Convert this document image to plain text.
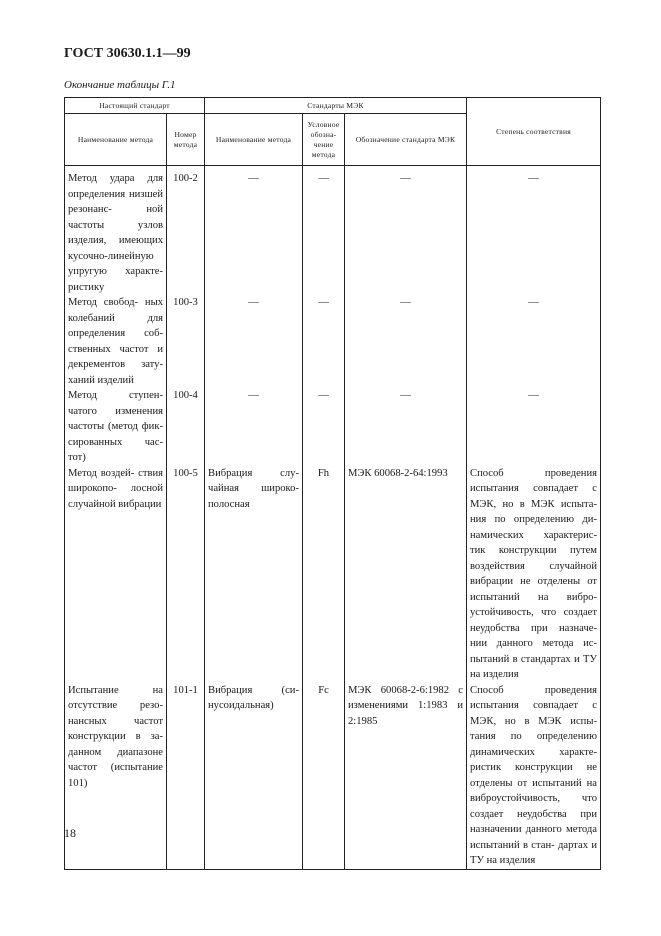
ГОСТ 30630.1.1—99
Окончание таблицы Г.1
Настоящий стандарт		Стандарты МЭК			Степень соответствия
Наименование метода	Номер метода	Наименование метода	Условное обозна- чение метода	Обозначение стандарта МЭК	
Метод удара для определения низшей резонанс- ной частоты узлов изделия, имеющих кусочно-линейную упругую характе- ристику	100-2	—	—	—	—
Метод свобод- ных колебаний для определения соб- ственных частот и декрементов зату- ханий изделий	100-3	—	—	—	—
Метод ступен- чатого изменения частоты (метод фик- сированных час- тот)	100-4	—	—	—	—
Метод воздей- ствия широкопо- лосной случайной вибрации	100-5	Вибрация слу- чайная широко- полосная	Fh	МЭК 60068-2-64:1993	Способ проведения испытания совпадает с МЭК, но в МЭК испыта- ния по определению ди- намических характерис- тик конструкции путем воздействия случайной вибрации не отделены от испытаний на вибро- устойчивость, что создает неудобства при назначе- нии данного метода ис- пытаний в стандартах и ТУ на изделия
Испытание на отсутствие резо- нансных частот конструкции в за- данном диапазоне частот (испытание 101)	101-1	Вибрация (си- нусоидальная)	Fc	МЭК 60068-2-6:1982 с изменениями 1:1983 и 2:1985	Способ проведения испытания совпадает с МЭК, но в МЭК испы- тания по определению динамических характе- ристик конструкции не отделены от испытаний на виброустойчивость, что создает неудобства при назначении данного метода испытаний в стан- дартах и ТУ на изделия
18
